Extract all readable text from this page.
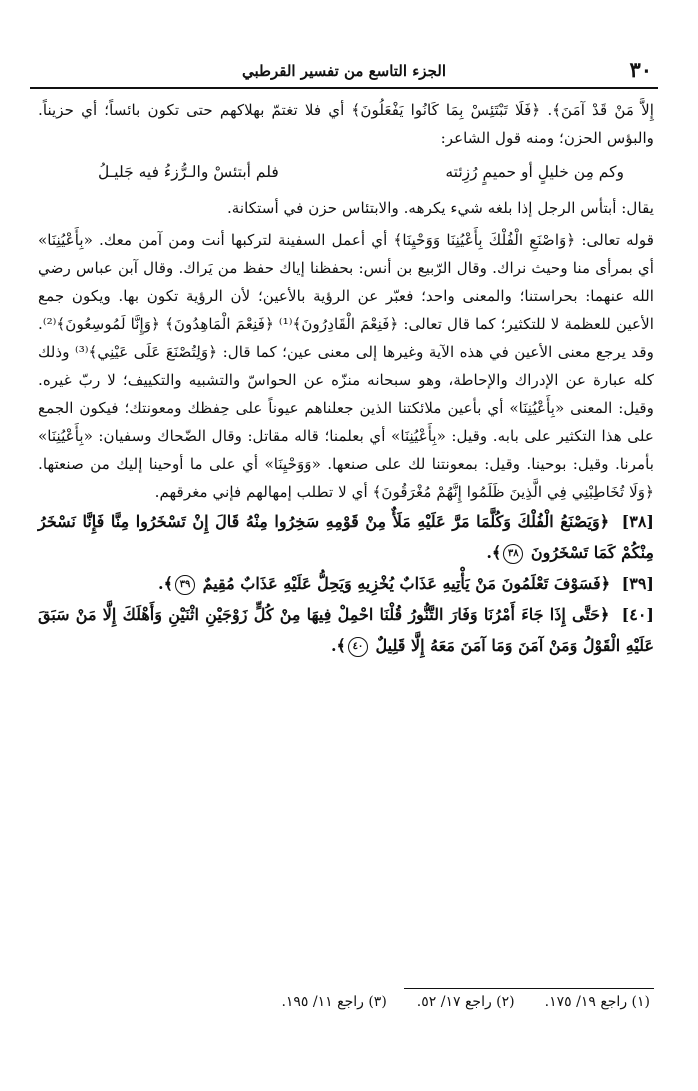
٣٠
الجزء التاسع من تفسير القرطبي

إِلاَّ مَنْ قَدْ آمَنَ﴾. ﴿فَلَا تَبْتَئِسْ بِمَا كَانُوا يَفْعَلُونَ﴾ أي فلا تغتمّ بهلاكهم حتى تكون بائساً؛ أي حزيناً. والبؤس الحزن؛ ومنه قول الشاعر:

وكم مِن خليلٍ أو حميمٍ رُزِئته
فلم أبتئسْ والـرُّزءُ فيه جَليـلُ

يقال: أبتأس الرجل إذا بلغه شيء يكرهه. والابتئاس حزن في أستكانة.

قوله تعالى: ﴿وَاصْنَعِ الْفُلْكَ بِأَعْيُنِنَا وَوَحْيِنَا﴾ أي أعمل السفينة لتركبها أنت ومن آمن معك. «بِأَعْيُنِنَا» أي بمرأى منا وحيث نراك. وقال الرّبيع بن أنس: بحفظنا إياك حفظ من يَراك. وقال آبن عباس رضي الله عنهما: بحراستنا؛ والمعنى واحد؛ فعبّر عن الرؤية بالأعين؛ لأن الرؤية تكون بها. ويكون جمع الأعين للعظمة لا للتكثير؛ كما قال تعالى: ﴿فَنِعْمَ الْقَادِرُونَ﴾⁽¹⁾ ﴿فَنِعْمَ الْمَاهِدُونَ﴾ ﴿وَإِنَّا لَمُوسِعُونَ﴾⁽²⁾. وقد يرجع معنى الأعين في هذه الآية وغيرها إلى معنى عين؛ كما قال: ﴿وَلِتُصْنَعَ عَلَى عَيْنِي﴾⁽³⁾ وذلك كله عبارة عن الإدراك والإحاطة، وهو سبحانه منزّه عن الحواسّ والتشبيه والتكييف؛ لا ربّ غيره. وقيل: المعنى «بِأَعْيُنِنَا» أي بأعين ملائكتنا الذين جعلناهم عيوناً على حِفظك ومعونتك؛ فيكون الجمع على هذا التكثير على بابه. وقيل: «بِأَعْيُنِنَا» أي بعلمنا؛ قاله مقاتل: وقال الضّحاك وسفيان: «بِأَعْيُنِنَا» بأمرنا. وقيل: بوحينا. وقيل: بمعونتنا لك على صنعها. «وَوَحْيِنَا» أي على ما أوحينا إليك من صنعتها. ﴿وَلَا تُخَاطِبْنِي فِي الَّذِينَ ظَلَمُوا إِنَّهُمْ مُغْرَقُونَ﴾ أي لا تطلب إمهالهم فإني مغرقهم.

[٣٨] ﴿وَيَصْنَعُ الْفُلْكَ وَكُلَّمَا مَرَّ عَلَيْهِ مَلَأٌ مِنْ قَوْمِهِ سَخِرُوا مِنْهُ قَالَ إِنْ تَسْخَرُوا مِنَّا فَإِنَّا نَسْخَرُ مِنْكُمْ كَمَا تَسْخَرُونَ ٣٨﴾.

[٣٩] ﴿فَسَوْفَ تَعْلَمُونَ مَنْ يَأْتِيهِ عَذَابٌ يُخْزِيهِ وَيَحِلُّ عَلَيْهِ عَذَابٌ مُقِيمٌ ٣٩﴾.

[٤٠] ﴿حَتَّى إِذَا جَاءَ أَمْرُنَا وَفَارَ التَّنُّورُ قُلْنَا احْمِلْ فِيهَا مِنْ كُلٍّ زَوْجَيْنِ اثْنَيْنِ وَأَهْلَكَ إِلَّا مَنْ سَبَقَ عَلَيْهِ الْقَوْلُ وَمَنْ آمَنَ وَمَا آمَنَ مَعَهُ إِلَّا قَلِيلٌ ٤٠﴾.

(١) راجع ١٩/ ١٧٥.
(٢) راجع ١٧/ ٥٢.
(٣) راجع ١١/ ١٩٥.
